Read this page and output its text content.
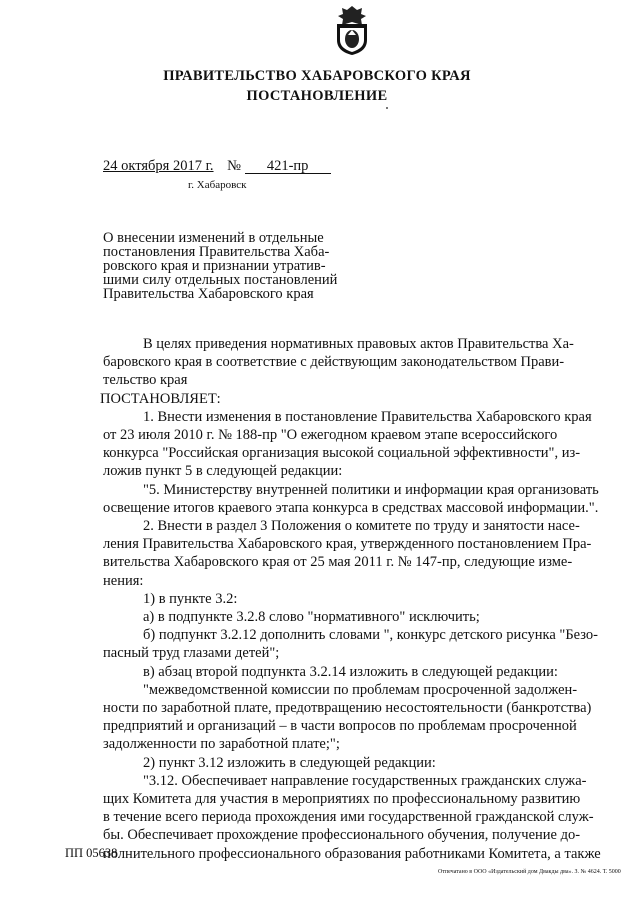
ПРАВИТЕЛЬСТВО ХАБАРОВСКОГО КРАЯ
ПОСТАНОВЛЕНИЕ
24 октября 2017 г. № 421-пр
г. Хабаровск
О внесении изменений в отдельные
постановления Правительства Хаба-
ровского края и признании утратив-
шими силу отдельных постановлений
Правительства Хабаровского края
В целях приведения нормативных правовых актов Правительства Ха-
баровского края в соответствие с действующим законодательством Прави-
тельство края
ПОСТАНОВЛЯЕТ:
1. Внести изменения в постановление Правительства Хабаровского края
от 23 июля 2010 г. № 188-пр "О ежегодном краевом этапе всероссийского
конкурса "Российская организация высокой социальной эффективности", из-
ложив пункт 5 в следующей редакции:
"5. Министерству внутренней политики и информации края организовать
освещение итогов краевого этапа конкурса в средствах массовой информации.".
2. Внести в раздел 3 Положения о комитете по труду и занятости насе-
ления Правительства Хабаровского края, утвержденного постановлением Пра-
вительства Хабаровского края от 25 мая 2011 г. № 147-пр, следующие изме-
нения:
1) в пункте 3.2:
а) в подпункте 3.2.8 слово "нормативного" исключить;
б) подпункт 3.2.12 дополнить словами ", конкурс детского рисунка "Безо-
пасный труд глазами детей";
в) абзац второй подпункта 3.2.14 изложить в следующей редакции:
"межведомственной комиссии по проблемам просроченной задолжен-
ности по заработной плате, предотвращению несостоятельности (банкротства)
предприятий и организаций – в части вопросов по проблемам просроченной
задолженности по заработной плате;";
2) пункт 3.12 изложить в следующей редакции:
"3.12. Обеспечивает направление государственных гражданских служа-
щих Комитета для участия в мероприятиях по профессиональному развитию
в течение всего периода прохождения ими государственной гражданской служ-
бы. Обеспечивает прохождение профессионального обучения, получение до-
полнительного профессионального образования работниками Комитета, а также
ПП 05638
Отпечатано в ООО «Издательский дом Двакды два». З. № 4624. Т. 5000
